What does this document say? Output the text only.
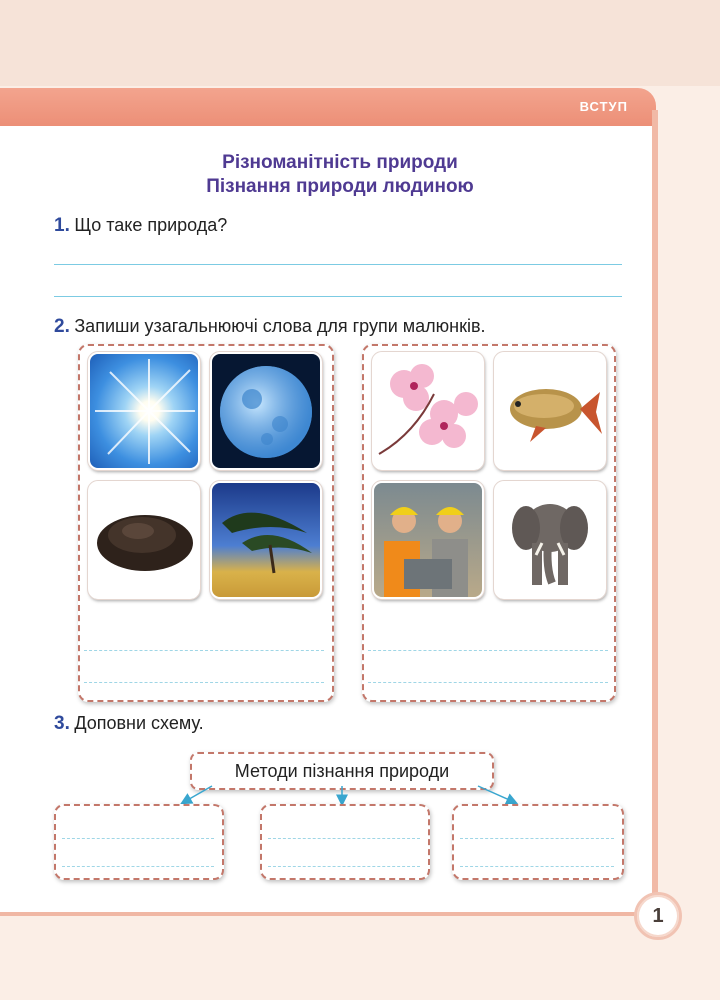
ВСТУП
Різноманітність природи
Пізнання природи людиною
1. Що таке природа?
2. Запиши узагальнюючі слова для групи малюнків.
3. Доповни схему.
Методи пізнання природи
1
